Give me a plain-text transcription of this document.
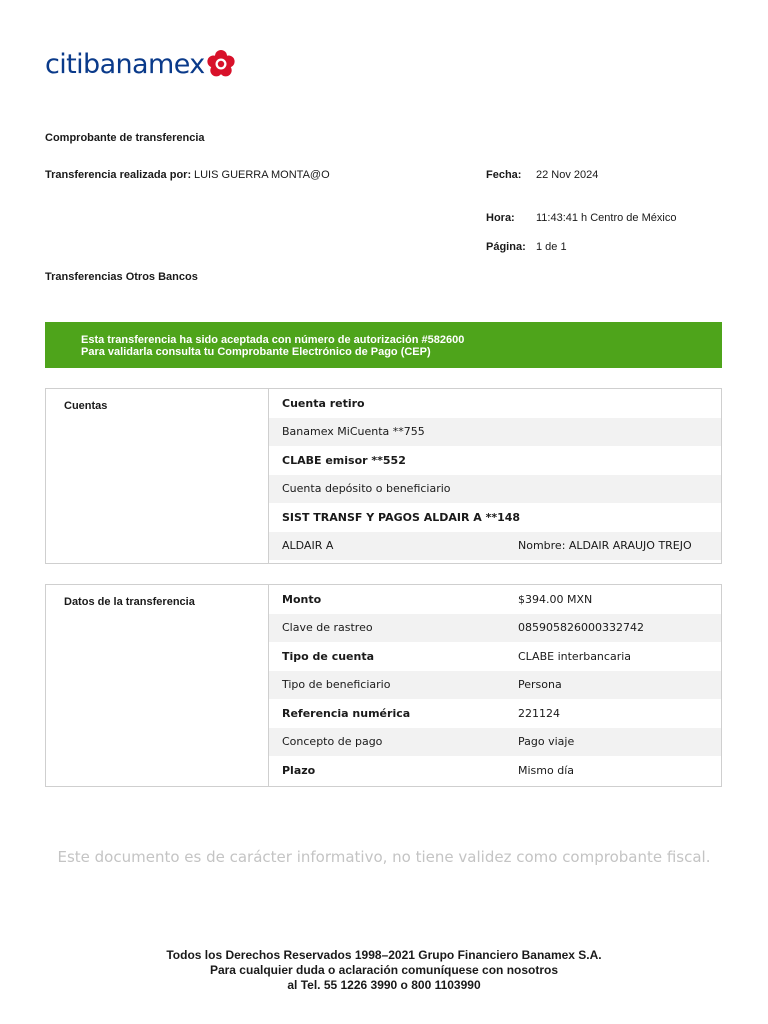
citibanamex
Comprobante de transferencia
Transferencia realizada por: LUIS GUERRA MONTA@O	Fecha: 22 Nov 2024
Hora: 11:43:41 h Centro de México
Página: 1 de 1
Transferencias Otros Bancos
Esta transferencia ha sido aceptada con número de autorización #582600
Para validarla consulta tu Comprobante Electrónico de Pago (CEP)
Cuentas	Cuenta retiro
Banamex MiCuenta **755
CLABE emisor **552
Cuenta depósito o beneficiario
SIST TRANSF Y PAGOS ALDAIR A **148
ALDAIR A	Nombre: ALDAIR ARAUJO TREJO
Datos de la transferencia	Monto	$394.00 MXN
Clave de rastreo	085905826000332742
Tipo de cuenta	CLABE interbancaria
Tipo de beneficiario	Persona
Referencia numérica	221124
Concepto de pago	Pago viaje
Plazo	Mismo día
Este documento es de carácter informativo, no tiene validez como comprobante fiscal.
Todos los Derechos Reservados 1998–2021 Grupo Financiero Banamex S.A.
Para cualquier duda o aclaración comuníquese con nosotros
al Tel. 55 1226 3990 o 800 1103990
